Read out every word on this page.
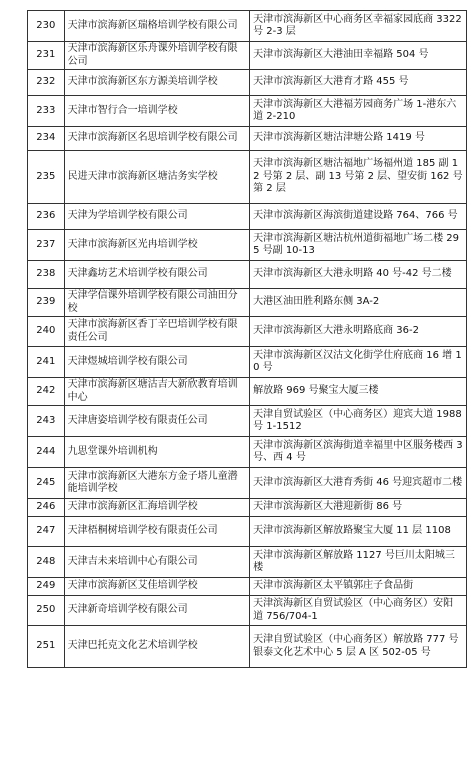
230	天津市滨海新区瑞格培训学校有限公司	天津市滨海新区中心商务区幸福家园底商 3322 号 2-3 层
231	天津市滨海新区乐舟课外培训学校有限公司	天津市滨海新区大港油田幸福路 504 号
232	天津市滨海新区东方源美培训学校	天津市滨海新区大港育才路 455 号
233	天津市智行合一培训学校	天津市滨海新区大港福芳园商务广场 1-港东六道 2-210
234	天津市滨海新区名思培训学校有限公司	天津市滨海新区塘沽津塘公路 1419 号
235	民进天津市滨海新区塘沽务实学校	天津市滨海新区塘沽福地广场福州道 185 副 12 号第 2 层、副 13 号第 2 层、望安街 162 号第 2 层
236	天津为学培训学校有限公司	天津市滨海新区海滨街道建设路 764、766 号
237	天津市滨海新区光冉培训学校	天津市滨海新区塘沽杭州道街福地广场二楼 295 号副 10-13
238	天津鑫坊艺术培训学校有限公司	天津市滨海新区大港永明路 40 号-42 号二楼
239	天津学信课外培训学校有限公司油田分校	大港区油田胜利路东侧 3A-2
240	天津市滨海新区香丁辛巴培训学校有限责任公司	天津市滨海新区大港永明路底商 36-2
241	天津煜城培训学校有限公司	天津市滨海新区汉沽文化街学仕府底商 16 增 10 号
242	天津市滨海新区塘沽吉大新欣教育培训中心	解放路 969 号聚宝大厦三楼
243	天津唐姿培训学校有限责任公司	天津自贸试验区（中心商务区）迎宾大道 1988 号 1-1512
244	九思堂课外培训机构	天津市滨海新区滨海街道幸福里中区服务楼西 3 号、西 4 号
245	天津市滨海新区大港东方金子塔儿童潜能培训学校	天津市滨海新区大港育秀街 46 号迎宾超市二楼
246	天津市滨海新区汇海培训学校	天津市滨海新区大港迎新街 86 号
247	天津梧桐树培训学校有限责任公司	天津市滨海新区解放路聚宝大厦 11 层 1108
248	天津吉未来培训中心有限公司	天津市滨海新区解放路 1127 号巨川太阳城三楼
249	天津市滨海新区艾佳培训学校	天津市滨海新区太平镇郭庄子食品街
250	天津新奇培训学校有限公司	天津滨海新区自贸试验区（中心商务区）安阳道 756/704-1
251	天津巴托克文化艺术培训学校	天津自贸试验区（中心商务区）解放路 777 号银泰文化艺术中心 5 层 A 区 502-05 号
